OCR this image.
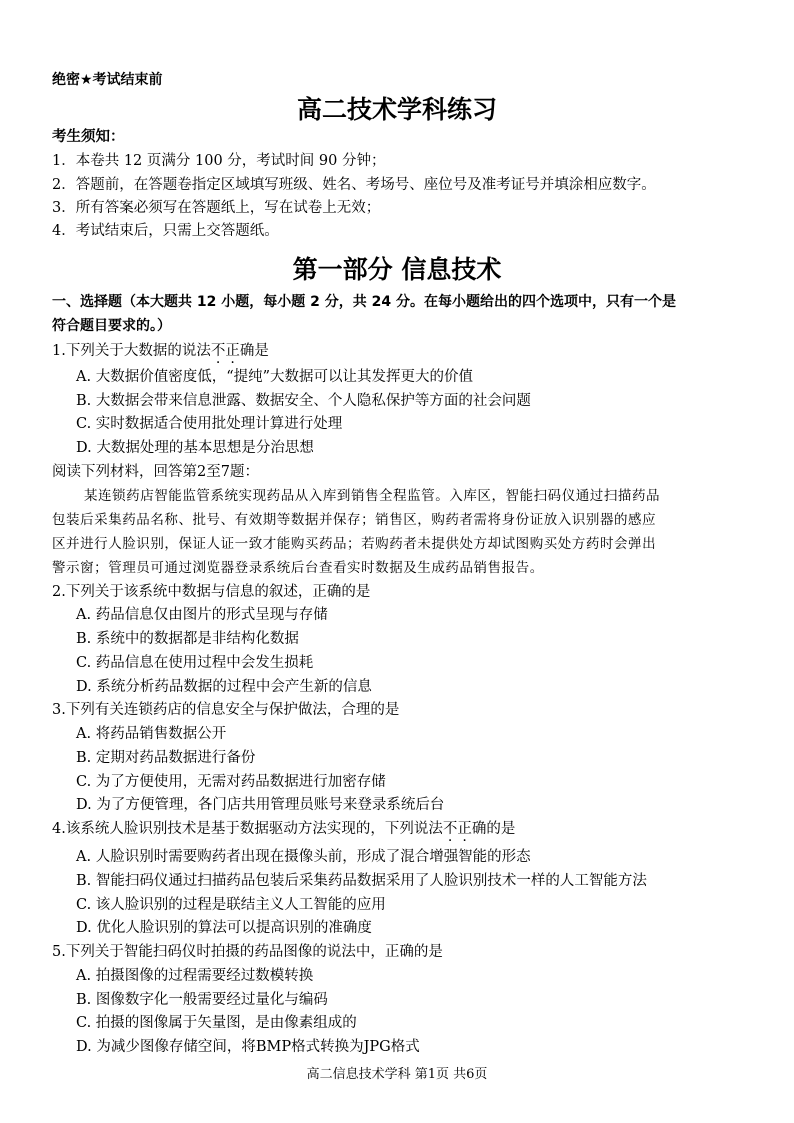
绝密★考试结束前
高二技术学科练习
考生须知：
1．本卷共 12 页满分 100 分，考试时间 90 分钟；
2．答题前，在答题卷指定区域填写班级、姓名、考场号、座位号及准考证号并填涂相应数字。
3．所有答案必须写在答题纸上，写在试卷上无效；
4．考试结束后，只需上交答题纸。
第一部分 信息技术
一、选择题（本大题共 12 小题，每小题 2 分，共 24 分。在每小题给出的四个选项中，只有一个是
符合题目要求的。）
1.下列关于大数据的说法不正确是
A. 大数据价值密度低，“提纯”大数据可以让其发挥更大的价值
B. 大数据会带来信息泄露、数据安全、个人隐私保护等方面的社会问题
C. 实时数据适合使用批处理计算进行处理
D. 大数据处理的基本思想是分治思想
阅读下列材料，回答第2至7题：
某连锁药店智能监管系统实现药品从入库到销售全程监管。入库区，智能扫码仪通过扫描药品
包装后采集药品名称、批号、有效期等数据并保存；销售区，购药者需将身份证放入识别器的感应
区并进行人脸识别，保证人证一致才能购买药品；若购药者未提供处方却试图购买处方药时会弹出
警示窗；管理员可通过浏览器登录系统后台查看实时数据及生成药品销售报告。
2.下列关于该系统中数据与信息的叙述，正确的是
A. 药品信息仅由图片的形式呈现与存储
B. 系统中的数据都是非结构化数据
C. 药品信息在使用过程中会发生损耗
D. 系统分析药品数据的过程中会产生新的信息
3.下列有关连锁药店的信息安全与保护做法，合理的是
A. 将药品销售数据公开
B. 定期对药品数据进行备份
C. 为了方便使用，无需对药品数据进行加密存储
D. 为了方便管理，各门店共用管理员账号来登录系统后台
4.该系统人脸识别技术是基于数据驱动方法实现的，下列说法不正确的是
A. 人脸识别时需要购药者出现在摄像头前，形成了混合增强智能的形态
B. 智能扫码仪通过扫描药品包装后采集药品数据采用了人脸识别技术一样的人工智能方法
C. 该人脸识别的过程是联结主义人工智能的应用
D. 优化人脸识别的算法可以提高识别的准确度
5.下列关于智能扫码仪时拍摄的药品图像的说法中，正确的是
A. 拍摄图像的过程需要经过数模转换
B. 图像数字化一般需要经过量化与编码
C. 拍摄的图像属于矢量图，是由像素组成的
D. 为减少图像存储空间，将BMP格式转换为JPG格式
高二信息技术学科 第1页 共6页
